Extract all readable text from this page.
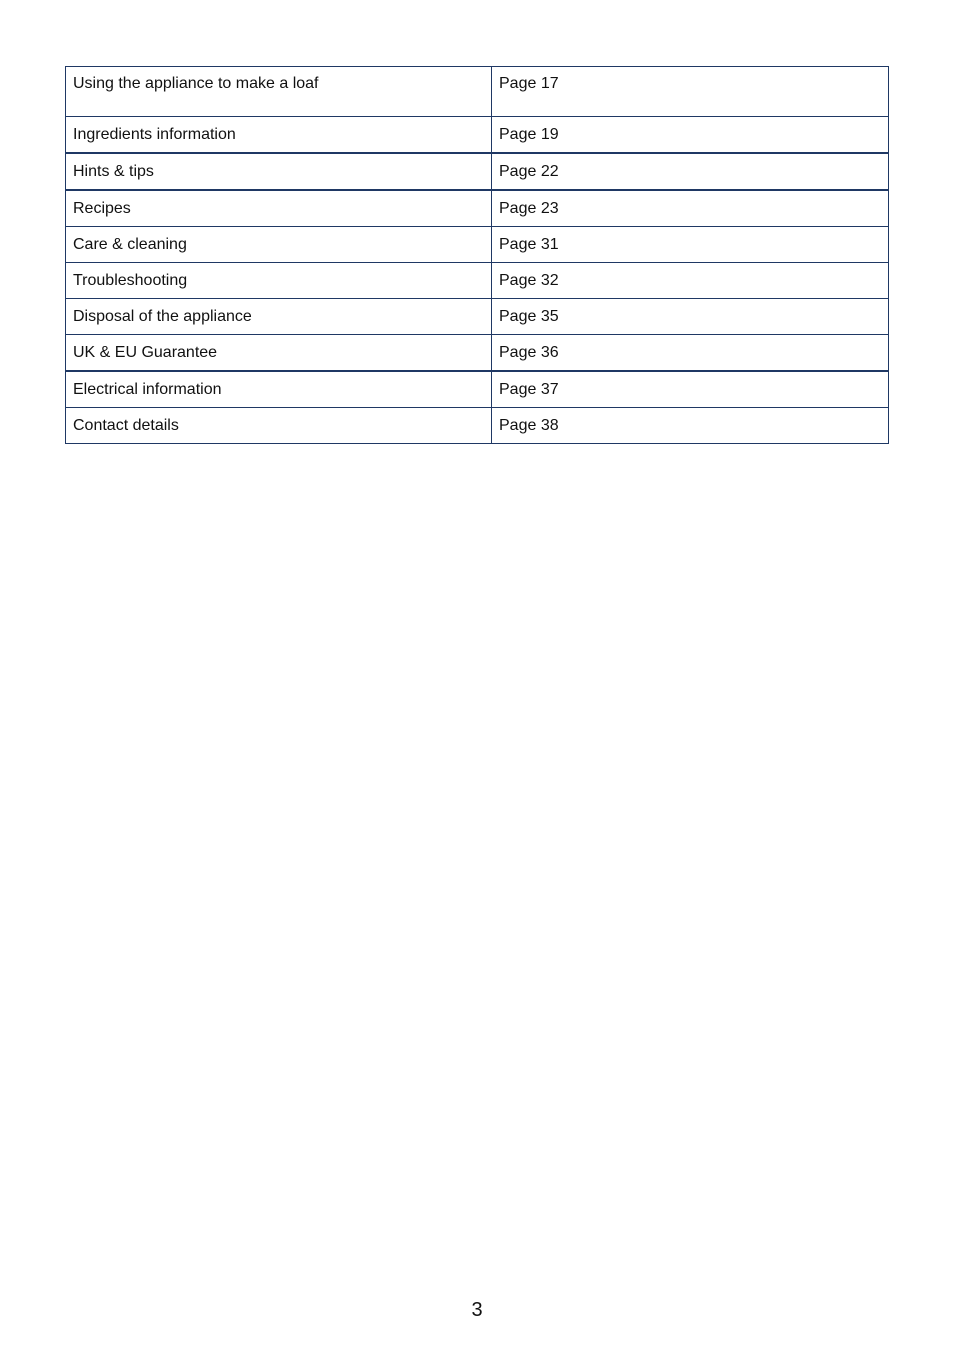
Using the appliance to make a loaf	Page 17
Ingredients information	Page 19
Hints & tips	Page 22
Recipes	Page 23
Care & cleaning	Page 31
Troubleshooting	Page 32
Disposal of the appliance	Page 35
UK & EU Guarantee	Page 36
Electrical information	Page 37
Contact details	Page 38
3
